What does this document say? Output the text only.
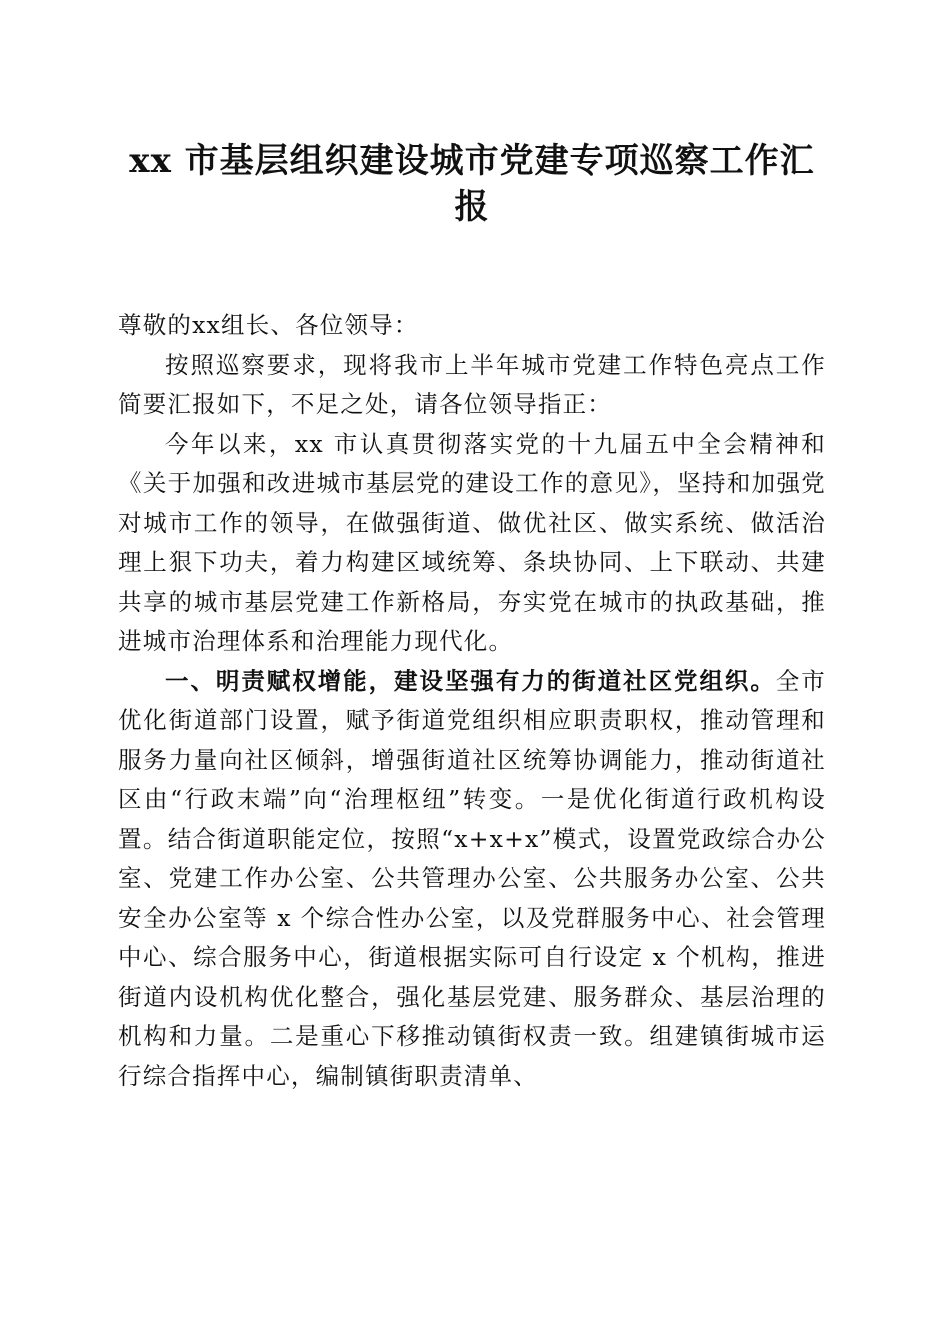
xx 市基层组织建设城市党建专项巡察工作汇报

尊敬的xx组长、各位领导：

按照巡察要求，现将我市上半年城市党建工作特色亮点工作简要汇报如下，不足之处，请各位领导指正：

今年以来，xx 市认真贯彻落实党的十九届五中全会精神和《关于加强和改进城市基层党的建设工作的意见》，坚持和加强党对城市工作的领导，在做强街道、做优社区、做实系统、做活治理上狠下功夫，着力构建区域统筹、条块协同、上下联动、共建共享的城市基层党建工作新格局，夯实党在城市的执政基础，推进城市治理体系和治理能力现代化。

一、明责赋权增能，建设坚强有力的街道社区党组织。全市优化街道部门设置，赋予街道党组织相应职责职权，推动管理和服务力量向社区倾斜，增强街道社区统筹协调能力，推动街道社区由“行政末端”向“治理枢纽”转变。一是优化街道行政机构设置。结合街道职能定位，按照“x+x+x”模式，设置党政综合办公室、党建工作办公室、公共管理办公室、公共服务办公室、公共安全办公室等 x 个综合性办公室，以及党群服务中心、社会管理中心、综合服务中心，街道根据实际可自行设定 x 个机构，推进街道内设机构优化整合，强化基层党建、服务群众、基层治理的机构和力量。二是重心下移推动镇街权责一致。组建镇街城市运行综合指挥中心，编制镇街职责清单、
